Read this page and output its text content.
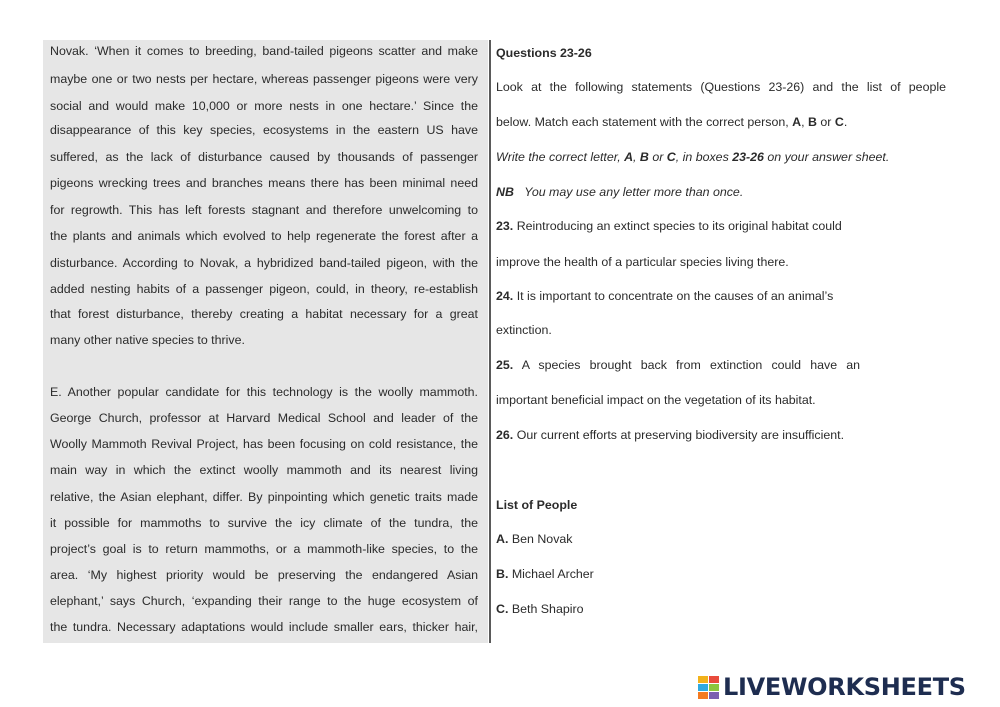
Novak. ‘When it comes to breeding, band-tailed pigeons scatter and make
maybe one or two nests per hectare, whereas passenger pigeons were very
social and would make 10,000 or more nests in one hectare.’ Since the
disappearance of this key species, ecosystems in the eastern US have
suffered, as the lack of disturbance caused by thousands of passenger
pigeons wrecking trees and branches means there has been minimal need
for regrowth. This has left forests stagnant and therefore unwelcoming to
the plants and animals which evolved to help regenerate the forest after a
disturbance. According to Novak, a hybridized band-tailed pigeon, with the
added nesting habits of a passenger pigeon, could, in theory, re-establish
that forest disturbance, thereby creating a habitat necessary for a great
many other native species to thrive.
E. Another popular candidate for this technology is the woolly mammoth.
George Church, professor at Harvard Medical School and leader of the
Woolly Mammoth Revival Project, has been focusing on cold resistance, the
main way in which the extinct woolly mammoth and its nearest living
relative, the Asian elephant, differ. By pinpointing which genetic traits made
it possible for mammoths to survive the icy climate of the tundra, the
project’s goal is to return mammoths, or a mammoth-like species, to the
area. ‘My highest priority would be preserving the endangered Asian
elephant,’ says Church, ‘expanding their range to the huge ecosystem of
the tundra. Necessary adaptations would include smaller ears, thicker hair,
Questions 23-26
Look at the following statements (Questions 23-26) and the list of people
below. Match each statement with the correct person, A, B or C.
Write the correct letter, A, B or C, in boxes 23-26 on your answer sheet.
NB You may use any letter more than once.
23. Reintroducing an extinct species to its original habitat could
improve the health of a particular species living there.
24. It is important to concentrate on the causes of an animal’s
extinction.
25. A species brought back from extinction could have an
important beneficial impact on the vegetation of its habitat.
26. Our current efforts at preserving biodiversity are insufficient.
List of People
A. Ben Novak
B. Michael Archer
C. Beth Shapiro
LIVEWORKSHEETS
